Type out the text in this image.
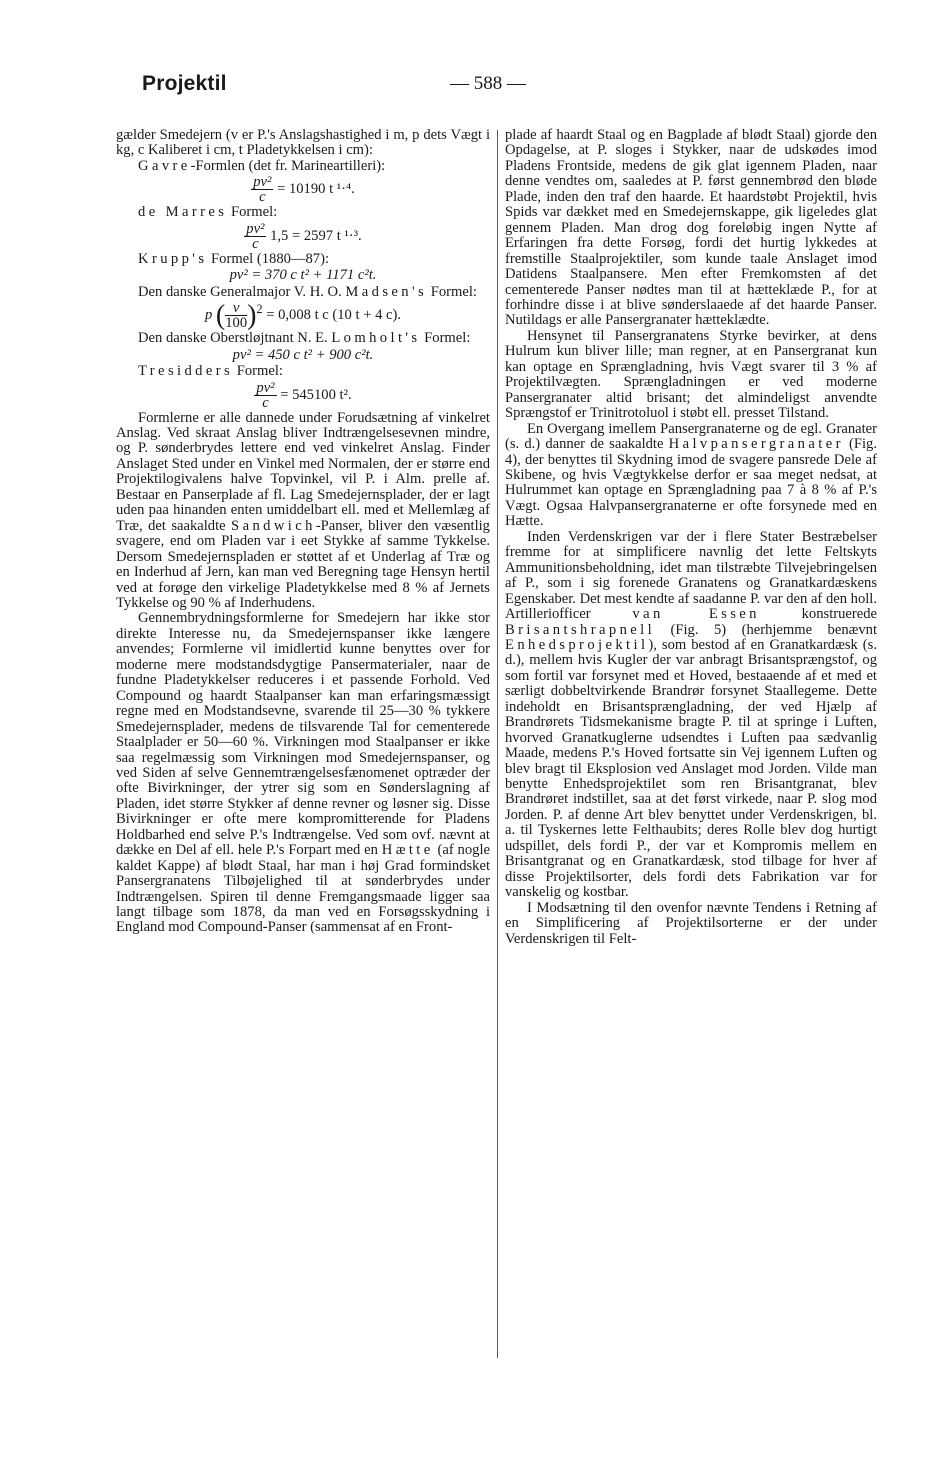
Projektil	— 588 —

gælder Smedejern (v er P.'s Anslagshastighed i m, p dets Vægt i kg, c Kaliberet i cm, t Pladetykkelsen i cm):

Gavre-Formlen (det fr. Marineartilleri):

$\frac{\text{pv²}}{c} = 10190$ t ¹·⁴.

de Marres Formel:

$\frac{\text{pv²}}{c} 1,5 = 2597$ t ¹·³.

Krupp's Formel (1880—87):

pv² = 370 c t² + 1171 c²t.

Den danske Generalmajor V. H. O. Madsen's Formel:

p ( $\frac{v}{100} )^2 = 0,008$ t c (10 t + 4 c).

Den danske Oberstløjtnant N. E. Lomholt's Formel:

pv² = 450 c t² + 900 c²t.

Tresidders Formel:

$\frac{\text{pv²}}{c} = 545100$ t².

Formlerne er alle dannede under Forudsætning af vinkelret Anslag. Ved skraat Anslag bliver Indtrængelsesevnen mindre, og P. sønderbrydes lettere end ved vinkelret Anslag. Finder Anslaget Sted under en Vinkel med Normalen, der er større end Projektilogivalens halve Topvinkel, vil P. i Alm. prelle af. Bestaar en Panserplade af fl. Lag Smedejernsplader, der er lagt uden paa hinanden enten umiddelbart ell. med et Mellemlæg af Træ, det saakaldte Sandwich-Panser, bliver den væsentlig svagere, end om Pladen var i eet Stykke af samme Tykkelse. Dersom Smedejernspladen er støttet af et Underlag af Træ og en Inderhud af Jern, kan man ved Beregning tage Hensyn hertil ved at forøge den virkelige Pladetykkelse med 8 % af Jernets Tykkelse og 90 % af Inderhudens.

Gennembrydningsformlerne for Smedejern har ikke stor direkte Interesse nu, da Smedejernspanser ikke længere anvendes; Formlerne vil imidlertid kunne benyttes over for moderne mere modstandsdygtige Pansermaterialer, naar de fundne Pladetykkelser reduceres i et passende Forhold. Ved Compound og haardt Staalpanser kan man erfaringsmæssigt regne med en Modstandsevne, svarende til 25—30 % tykkere Smedejernsplader, medens de tilsvarende Tal for cementerede Staalplader er 50—60 %. Virkningen mod Staalpanser er ikke saa regelmæssig som Virkningen mod Smedejernspanser, og ved Siden af selve Gennemtrængelsesfænomenet optræder der ofte Bivirkninger, der ytrer sig som en Sønderslagning af Pladen, idet større Stykker af denne revner og løsner sig. Disse Bivirkninger er ofte mere kompromitterende for Pladens Holdbarhed end selve P.'s Indtrængelse. Ved som ovf. nævnt at dække en Del af ell. hele P.'s Forpart med en Hætte (af nogle kaldet Kappe) af blødt Staal, har man i høj Grad formindsket Pansergranatens Tilbøjelighed til at sønderbrydes under Indtrængelsen. Spiren til denne Fremgangsmaade ligger saa langt tilbage som 1878, da man ved en Forsøgsskydning i England mod Compound-Panser (sammensat af en Front-

plade af haardt Staal og en Bagplade af blødt Staal) gjorde den Opdagelse, at P. sloges i Stykker, naar de udskødes imod Pladens Frontside, medens de gik glat igennem Pladen, naar denne vendtes om, saaledes at P. først gennembrød den bløde Plade, inden den traf den haarde. Et haardstøbt Projektil, hvis Spids var dækket med en Smedejernskappe, gik ligeledes glat gennem Pladen. Man drog dog foreløbig ingen Nytte af Erfaringen fra dette Forsøg, fordi det hurtig lykkedes at fremstille Staalprojektiler, som kunde taale Anslaget imod Datidens Staalpansere. Men efter Fremkomsten af det cementerede Panser nødtes man til at hætteklæde P., for at forhindre disse i at blive sønderslaaede af det haarde Panser. Nutildags er alle Pansergranater hætteklædte.

Hensynet til Pansergranatens Styrke bevirker, at dens Hulrum kun bliver lille; man regner, at en Pansergranat kun kan optage en Sprængladning, hvis Vægt svarer til 3 % af Projektilvægten. Sprængladningen er ved moderne Pansergranater altid brisant; det almindeligst anvendte Sprængstof er Trinitrotoluol i støbt ell. presset Tilstand.

En Overgang imellem Pansergranaterne og de egl. Granater (s. d.) danner de saakaldte Halvpansergranater (Fig. 4), der benyttes til Skydning imod de svagere pansrede Dele af Skibene, og hvis Vægtykkelse derfor er saa meget nedsat, at Hulrummet kan optage en Sprængladning paa 7 à 8 % af P.'s Vægt. Ogsaa Halvpansergranaterne er ofte forsynede med en Hætte.

Inden Verdenskrigen var der i flere Stater Bestræbelser fremme for at simplificere navnlig det lette Feltskyts Ammunitionsbeholdning, idet man tilstræbte Tilvejebringelsen af P., som i sig forenede Granatens og Granatkardæskens Egenskaber. Det mest kendte af saadanne P. var den af den holl. Artilleriofficer van Essen konstruerede Brisantshrapnell (Fig. 5) (herhjemme benævnt Enhedsprojektil), som bestod af en Granatkardæsk (s. d.), mellem hvis Kugler der var anbragt Brisantsprængstof, og som fortil var forsynet med et Hoved, bestaaende af et med et særligt dobbeltvirkende Brandrør forsynet Staallegeme. Dette indeholdt en Brisantsprængladning, der ved Hjælp af Brandrørets Tidsmekanisme bragte P. til at springe i Luften, hvorved Granatkuglerne udsendtes i Luften paa sædvanlig Maade, medens P.'s Hoved fortsatte sin Vej igennem Luften og blev bragt til Eksplosion ved Anslaget mod Jorden. Vilde man benytte Enhedsprojektilet som ren Brisantgranat, blev Brandrøret indstillet, saa at det først virkede, naar P. slog mod Jorden. P. af denne Art blev benyttet under Verdenskrigen, bl. a. til Tyskernes lette Felthaubits; deres Rolle blev dog hurtigt udspillet, dels fordi P., der var et Kompromis mellem en Brisantgranat og en Granatkardæsk, stod tilbage for hver af disse Projektilsorter, dels fordi dets Fabrikation var for vanskelig og kostbar.

I Modsætning til den ovenfor nævnte Tendens i Retning af en Simplificering af Projektilsorterne er der under Verdenskrigen til Felt-
